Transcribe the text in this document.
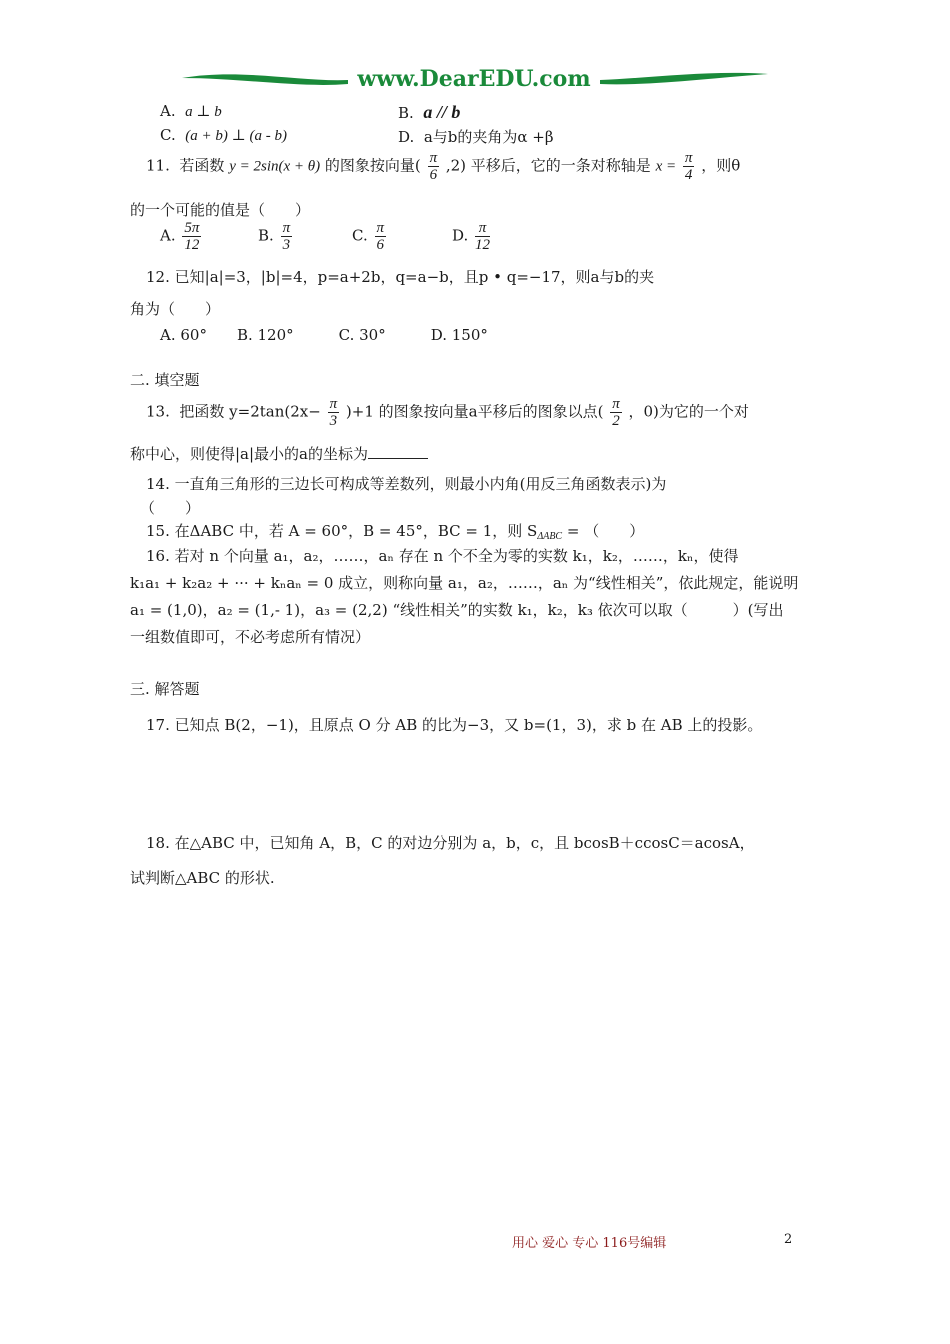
www.DearEDU.com
A. a ⊥ b	B. a // b
C. (a + b) ⊥ (a - b)	D. a与b的夹角为α +β
11. 若函数 y = 2sin(x + θ) 的图象按向量( $\frac{\pi}{6} ,2$) 平移后，它的一条对称轴是 $x = \frac{\pi}{4}$ ，则θ
的一个可能的值是（　　）
A. $\frac{5\pi}{12}$	B. $\frac{\pi}{3}$	C. $\frac{\pi}{6}$	D. $\frac{\pi}{12}$
12. 已知|a|=3，|b|=4，p=a+2b，q=a−b，且p • q=−17，则a与b的夹
角为（　　）
A. 60°　　B. 120°　　　C. 30°　　　D. 150°
二. 填空题
13. 把函数 $y=2\tan(2x- \frac{\pi}{3} )+1$ 的图象按向量a平移后的图象以点( $\frac{\pi}{2}$ ，0)为它的一个对
称中心，则使得|a|最小的a的坐标为
14. 一直角三角形的三边长可构成等差数列，则最小内角(用反三角函数表示)为
（　　）
15. 在ΔABC 中，若 A = 60°，B = 45°，BC = 1，则 $S_{\Delta ABC}$ = （　　）
16. 若对 n 个向量 a₁，a₂，……，aₙ 存在 n 个不全为零的实数 k₁，k₂，……，kₙ，使得
k₁a₁ + k₂a₂ + ··· + kₙaₙ = 0 成立，则称向量 a₁，a₂，……，aₙ 为“线性相关”，依此规定，能说明
a₁ = (1,0)，a₂ = (1,- 1)，a₃ = (2,2) “线性相关”的实数 k₁，k₂，k₃ 依次可以取（　　　）(写出
一组数值即可，不必考虑所有情况）
三. 解答题
17. 已知点 B(2，−1)，且原点 O 分 AB 的比为−3，又 b=(1，3)，求 b 在 AB 上的投影。
18. 在△ABC 中，已知角 A，B，C 的对边分别为 a，b，c，且 bcosB＋ccosC＝acosA，
试判断△ABC 的形状.
用心 爱心 专心 116号编辑	2
